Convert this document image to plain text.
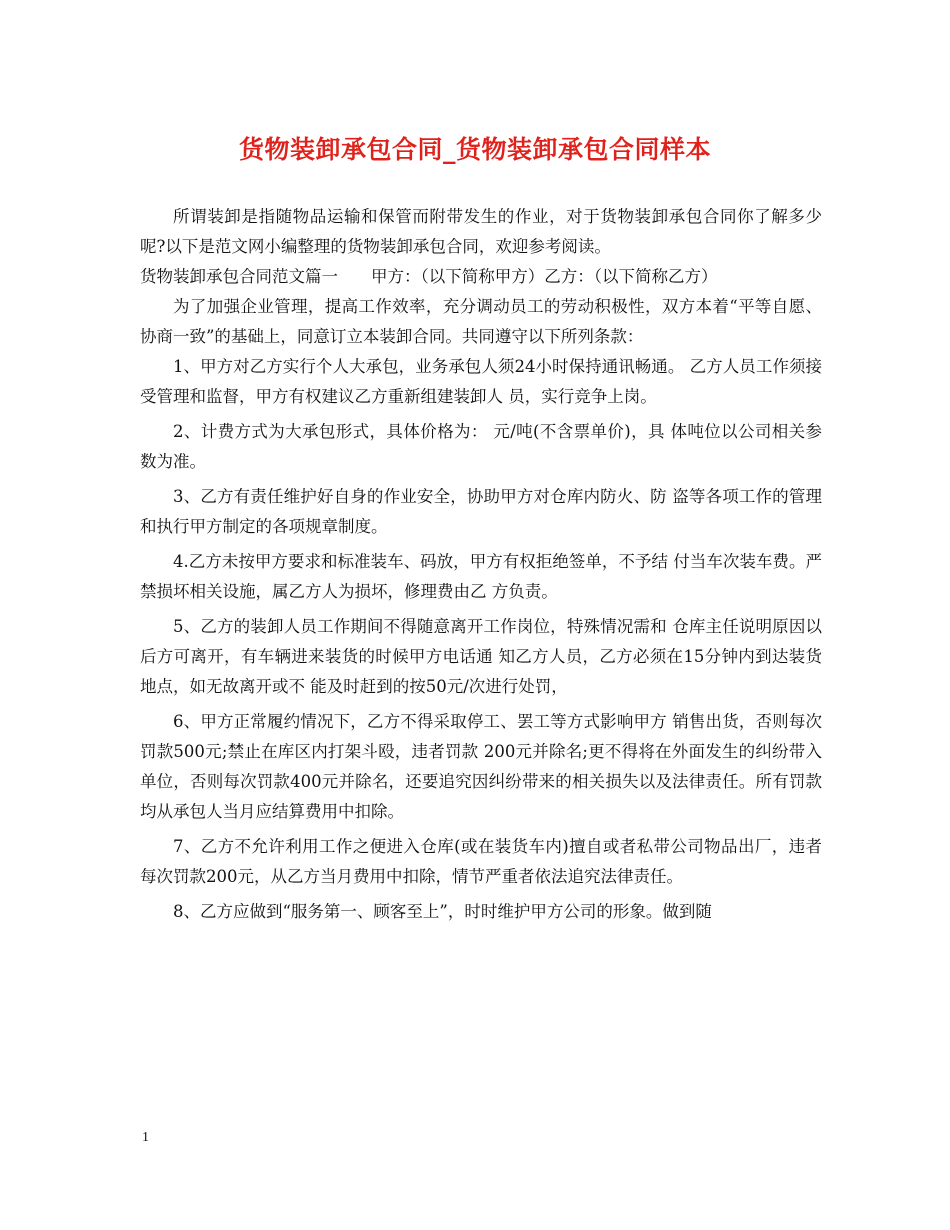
货物装卸承包合同_货物装卸承包合同样本

所谓装卸是指随物品运输和保管而附带发生的作业，对于货物装卸承包合同你了解多少呢?以下是范文网小编整理的货物装卸承包合同，欢迎参考阅读。

货物装卸承包合同范文篇一　　甲方：（以下简称甲方）乙方：（以下简称乙方）

为了加强企业管理，提高工作效率，充分调动员工的劳动积极性，双方本着“平等自愿、协商一致”的基础上，同意订立本装卸合同。共同遵守以下所列条款：

1、甲方对乙方实行个人大承包，业务承包人须24小时保持通讯畅通。 乙方人员工作须接受管理和监督，甲方有权建议乙方重新组建装卸人 员，实行竞争上岗。

2、计费方式为大承包形式，具体价格为： 元/吨(不含票单价)，具 体吨位以公司相关参数为准。

3、乙方有责任维护好自身的作业安全，协助甲方对仓库内防火、防 盗等各项工作的管理和执行甲方制定的各项规章制度。

4.乙方未按甲方要求和标准装车、码放，甲方有权拒绝签单，不予结 付当车次装车费。严禁损坏相关设施，属乙方人为损坏，修理费由乙 方负责。

5、乙方的装卸人员工作期间不得随意离开工作岗位，特殊情况需和 仓库主任说明原因以后方可离开，有车辆进来装货的时候甲方电话通 知乙方人员，乙方必须在15分钟内到达装货地点，如无故离开或不 能及时赶到的按50元/次进行处罚，

6、甲方正常履约情况下，乙方不得采取停工、罢工等方式影响甲方 销售出货，否则每次罚款500元;禁止在库区内打架斗殴，违者罚款 200元并除名;更不得将在外面发生的纠纷带入单位，否则每次罚款400元并除名，还要追究因纠纷带来的相关损失以及法律责任。所有罚款均从承包人当月应结算费用中扣除。

7、乙方不允许利用工作之便进入仓库(或在装货车内)擅自或者私带公司物品出厂，违者每次罚款200元，从乙方当月费用中扣除，情节严重者依法追究法律责任。

8、乙方应做到“服务第一、顾客至上”，时时维护甲方公司的形象。做到随

1
